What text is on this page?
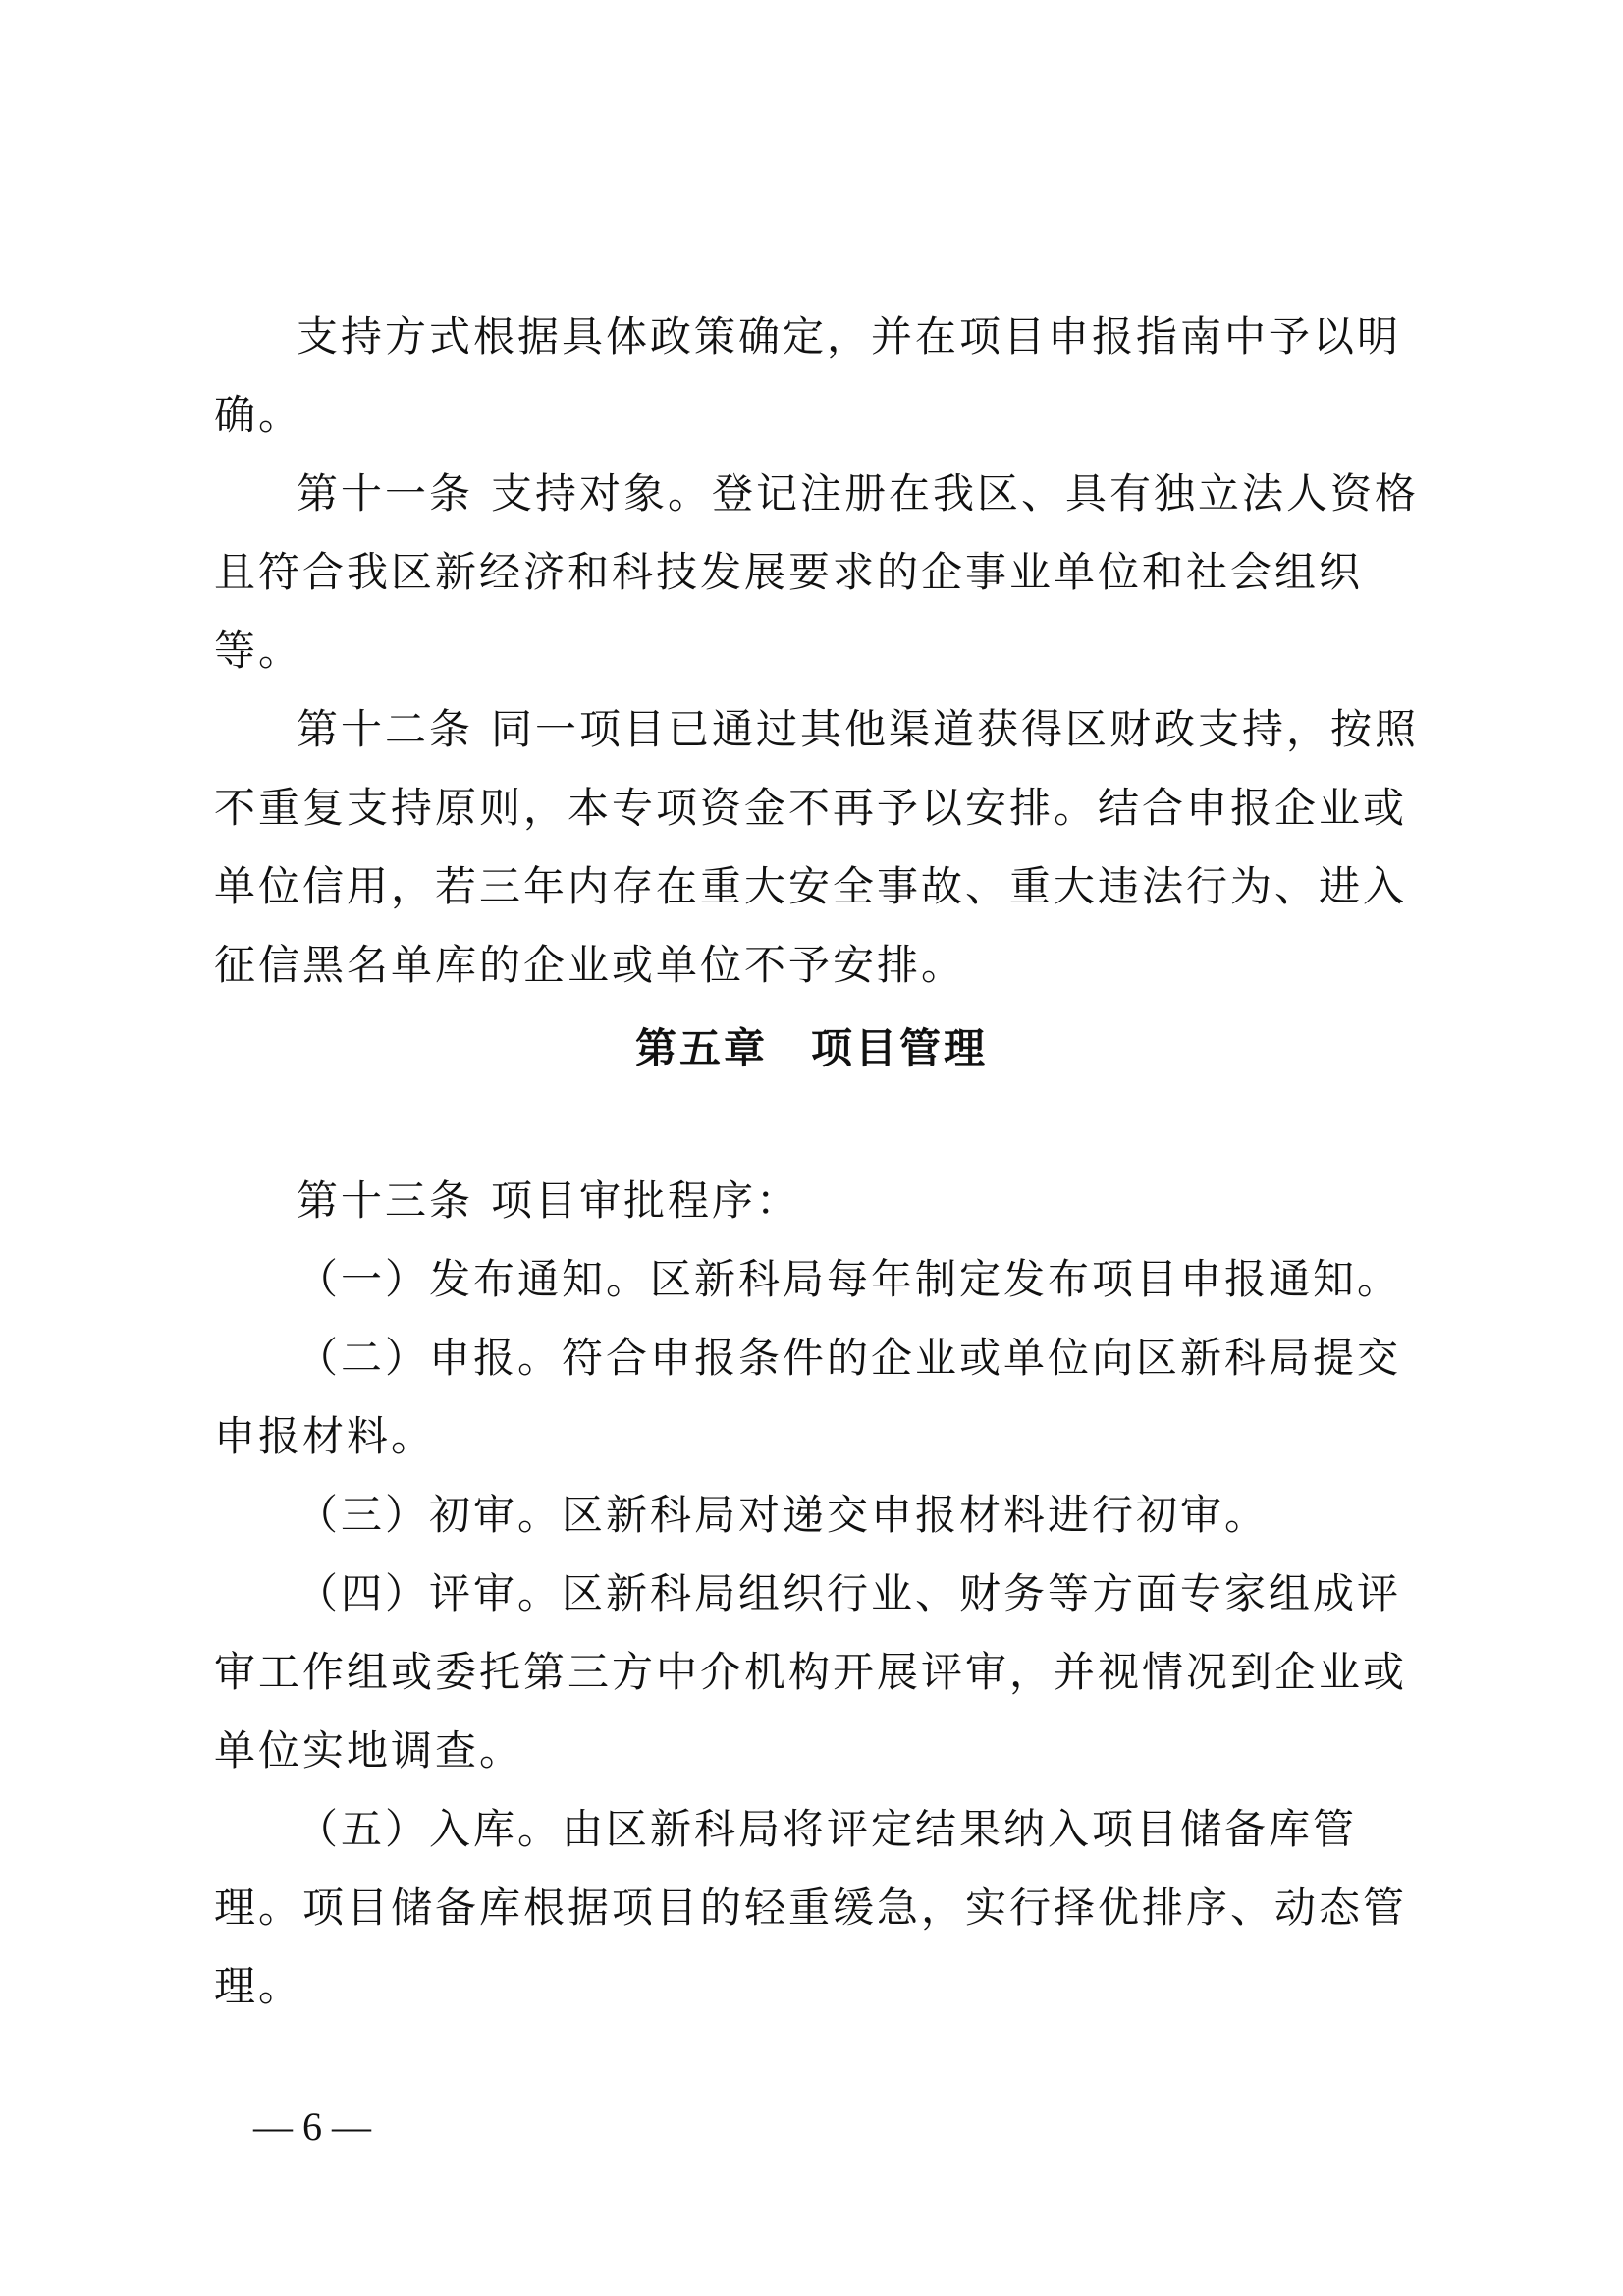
支持方式根据具体政策确定，并在项目申报指南中予以明确。

第十一条 支持对象。登记注册在我区、具有独立法人资格且符合我区新经济和科技发展要求的企事业单位和社会组织等。

第十二条 同一项目已通过其他渠道获得区财政支持，按照不重复支持原则，本专项资金不再予以安排。结合申报企业或单位信用，若三年内存在重大安全事故、重大违法行为、进入征信黑名单库的企业或单位不予安排。

第五章 项目管理

第十三条 项目审批程序：

（一）发布通知。区新科局每年制定发布项目申报通知。

（二）申报。符合申报条件的企业或单位向区新科局提交申报材料。

（三）初审。区新科局对递交申报材料进行初审。

（四）评审。区新科局组织行业、财务等方面专家组成评审工作组或委托第三方中介机构开展评审，并视情况到企业或单位实地调查。

（五）入库。由区新科局将评定结果纳入项目储备库管理。项目储备库根据项目的轻重缓急，实行择优排序、动态管理。

— 6 —
